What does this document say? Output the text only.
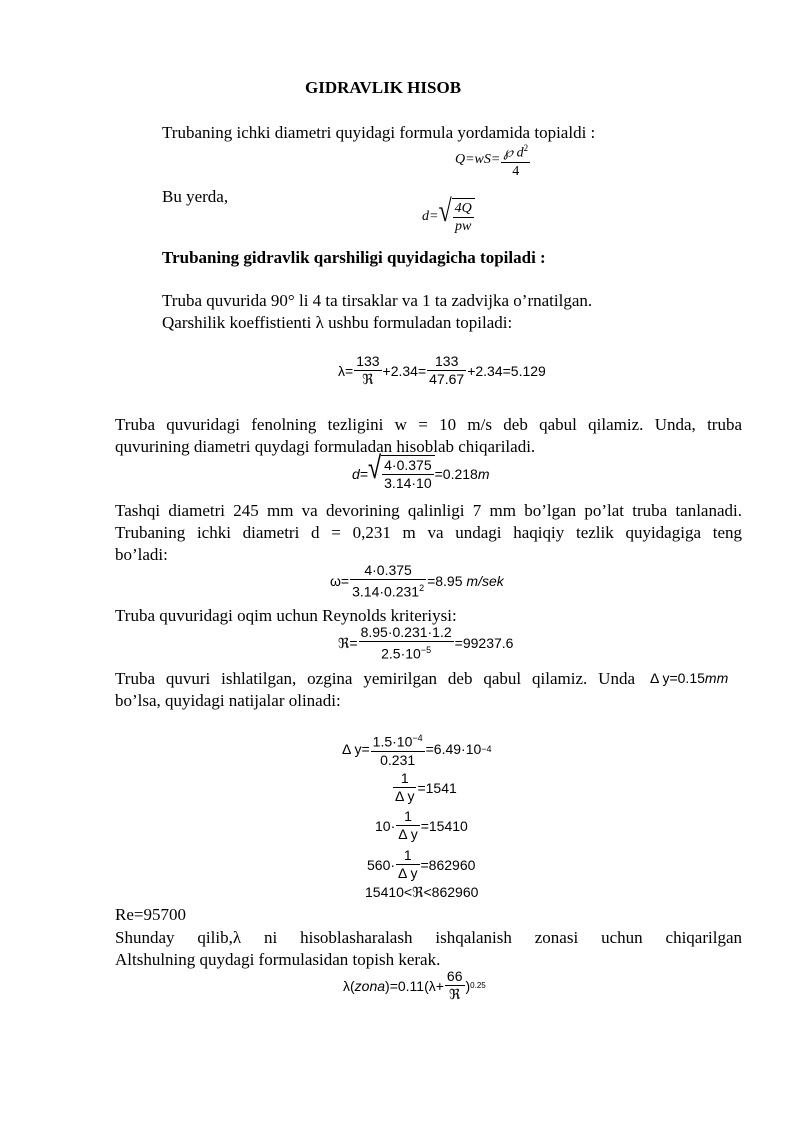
GIDRAVLIK HISOB
Trubaning ichki diametri quyidagi formula yordamida topialdi :
$Q=wS= \frac{℘ d^2}{4}$
Bu yerda,
d= √ $\frac{4Q}{pw}$
Trubaning gidravlik qarshiligi quyidagicha topiladi :
Truba quvurida 90° li 4 ta tirsaklar va 1 ta zadvijka o’rnatilgan.
Qarshilik koeffistienti λ ushbu formuladan topiladi:
$\lambda= \frac{133}{\text{ℜ}} +2.34= \frac{133}{47.67} +2.34=5.129$
Truba quvuridagi fenolning tezligini w = 10 m/s deb qabul qilamiz. Unda, truba
quvurining diametri quydagi formuladan hisoblab chiqariladi.
d= √ $\frac{4\cdot 0.375}{3.14\cdot 10} =0.218$ m
Tashqi diametri 245 mm va devorining qalinligi 7 mm bo’lgan po’lat truba tanlanadi.
Trubaning ichki diametri d = 0,231 m va undagi haqiqiy tezlik quyidagiga teng
bo’ladi:
$\omega= \frac{4\cdot 0.375}{3.14\cdot 0.231^2} =8.95$
m/sek
Truba quvuridagi oqim uchun Reynolds kriteriysi:
ℜ= $\frac{8.95\cdot 0.231\cdot 1.2}{2.5\cdot 10^{-5}} =99237.6$
Truba quvuri ishlatilgan, ozgina yemirilgan deb qabul qilamiz. Unda Δ y=0.15mm
bo’lsa, quyidagi natijalar olinadi:
Δ $y= \frac{1.5\cdot 10^{-4}}{0.231} =6.49\cdot 10 -4$
$\frac{1}{\text{Δ y}} =1541$
$10\cdot \frac{1}{\text{Δ y}} =15410$
$560\cdot \frac{1}{\text{Δ y}} =862960$
15410<ℜ<862960
Re=95700
Shunday qilib,λ ni hisoblasharalash ishqalanish zonasi uchun chiqarilgan
Altshulning quydagi formulasidan topish kerak.
λ( zona )$=0.11(\lambda+ \frac{66}{\text{ℜ}}$ ) 0.25
